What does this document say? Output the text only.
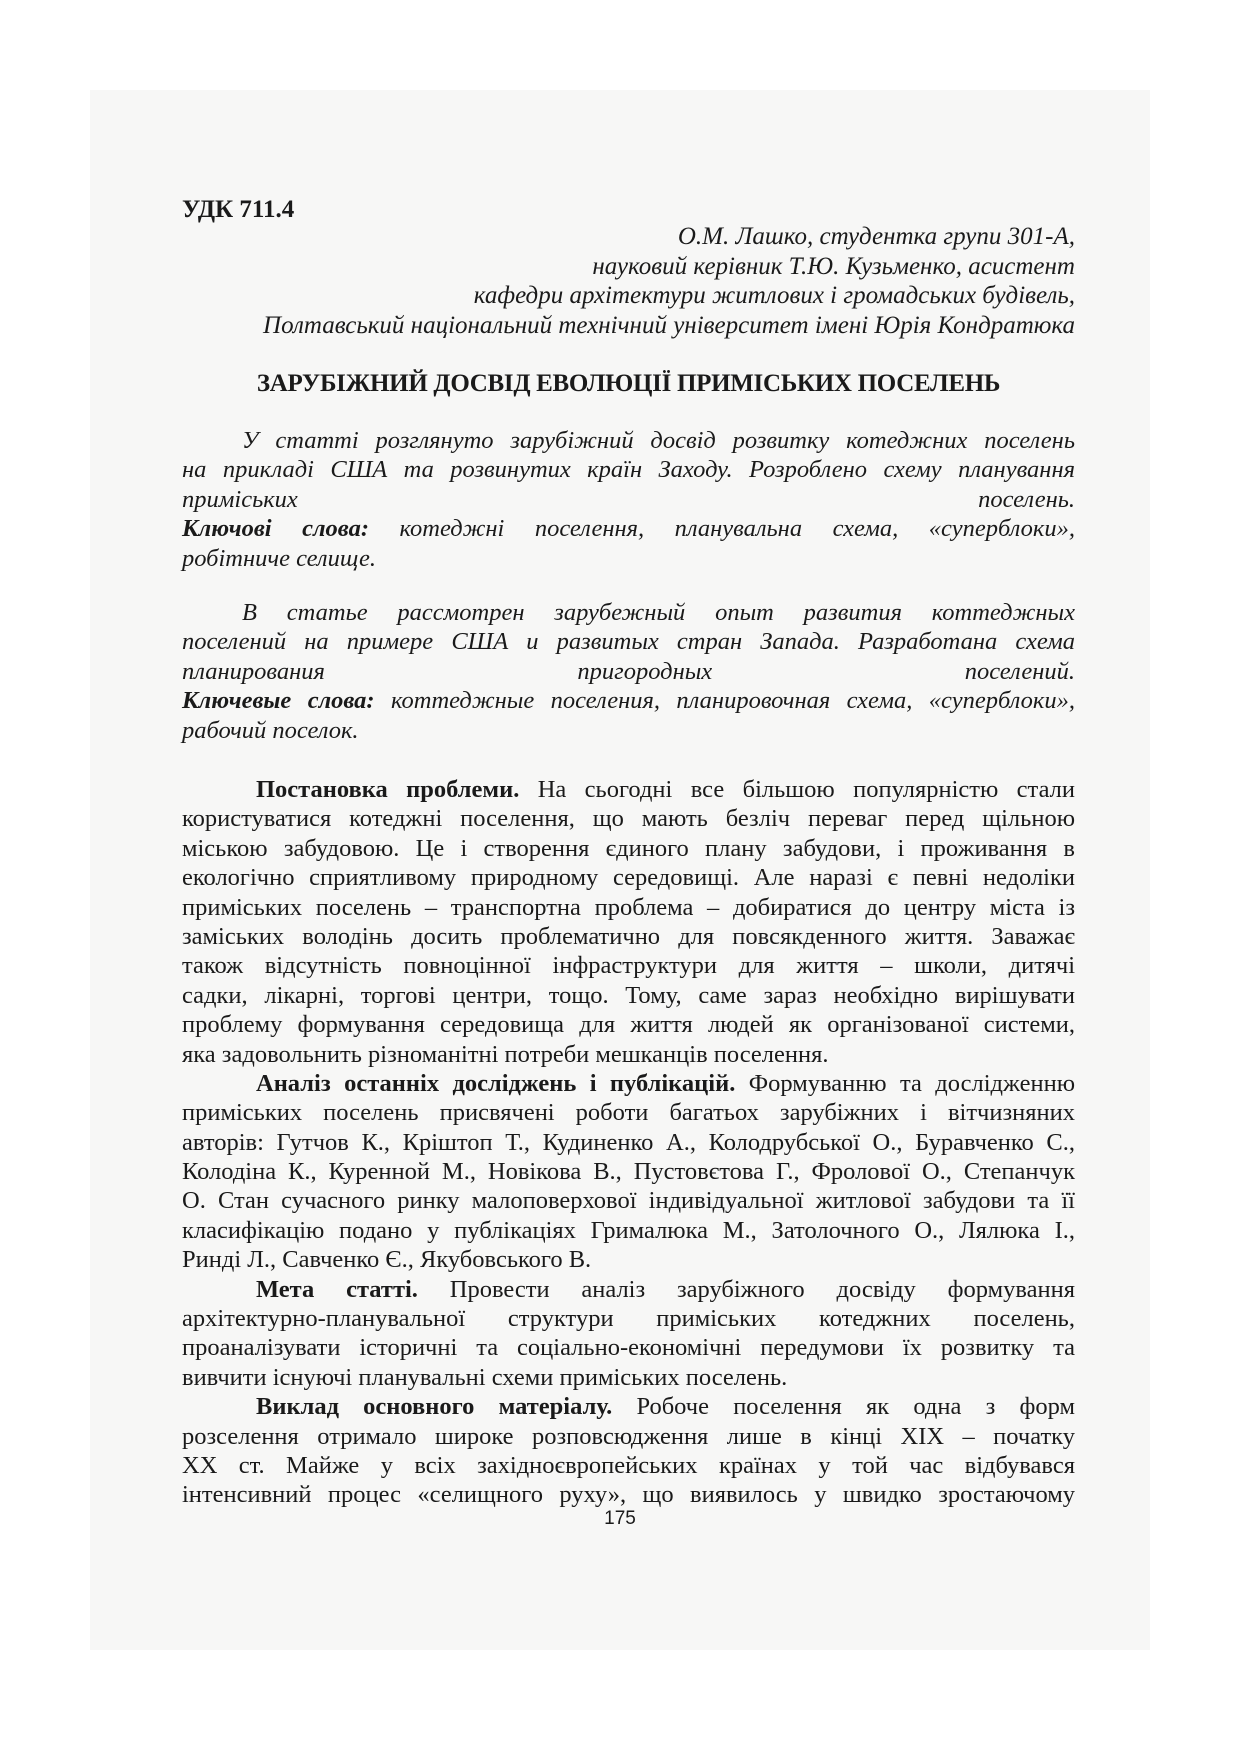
УДК 711.4
О.М. Лашко, студентка групи 301-А,
науковий керівник Т.Ю. Кузьменко, асистент
кафедри архітектури житлових і громадських будівель,
Полтавський національний технічний університет імені Юрія Кондратюка
ЗАРУБІЖНИЙ ДОСВІД ЕВОЛЮЦІЇ ПРИМІСЬКИХ ПОСЕЛЕНЬ
У статті розглянуто зарубіжний досвід розвитку котеджних поселень
на прикладі США та розвинутих країн Заходу. Розроблено схему планування
приміських поселень.
Ключові слова: котеджні поселення, планувальна схема, «суперблоки»,
робітниче селище.
В статье рассмотрен зарубежный опыт развития коттеджных
поселений на примере США и развитых стран Запада. Разработана схема
планирования пригородных поселений.
Ключевые слова: коттеджные поселения, планировочная схема, «суперблоки»,
рабочий поселок.
Постановка проблеми. На сьогодні все більшою популярністю стали
користуватися котеджні поселення, що мають безліч переваг перед щільною
міською забудовою. Це і створення єдиного плану забудови, і проживання в
екологічно сприятливому природному середовищі. Але наразі є певні недоліки
приміських поселень – транспортна проблема – добиратися до центру міста із
заміських володінь досить проблематично для повсякденного життя. Заважає
також відсутність повноцінної інфраструктури для життя – школи, дитячі
садки, лікарні, торгові центри, тощо. Тому, саме зараз необхідно вирішувати
проблему формування середовища для життя людей як організованої системи,
яка задовольнить різноманітні потреби мешканців поселення.
Аналіз останніх досліджень і публікацій. Формуванню та дослідженню
приміських поселень присвячені роботи багатьох зарубіжних і вітчизняних
авторів: Гутчов К., Кріштоп Т., Кудиненко А., Колодрубської О., Буравченко С.,
Колодіна К., Куренной М., Новікова В., Пустовєтова Г., Фролової О., Степанчук
О. Стан сучасного ринку малоповерхової індивідуальної житлової забудови та її
класифікацію подано у публікаціях Грималюка М., Затолочного О., Лялюка І.,
Ринді Л., Савченко Є., Якубовського В.
Мета статті. Провести аналіз зарубіжного досвіду формування
архітектурно-планувальної структури приміських котеджних поселень,
проаналізувати історичні та соціально-економічні передумови їх розвитку та
вивчити існуючі планувальні схеми приміських поселень.
Виклад основного матеріалу. Робоче поселення як одна з форм
розселення отримало широке розповсюдження лише в кінці XIX – початку
XX ст. Майже у всіх західноєвропейських країнах у той час відбувався
інтенсивний процес «селищного руху», що виявилось у швидко зростаючому
175
